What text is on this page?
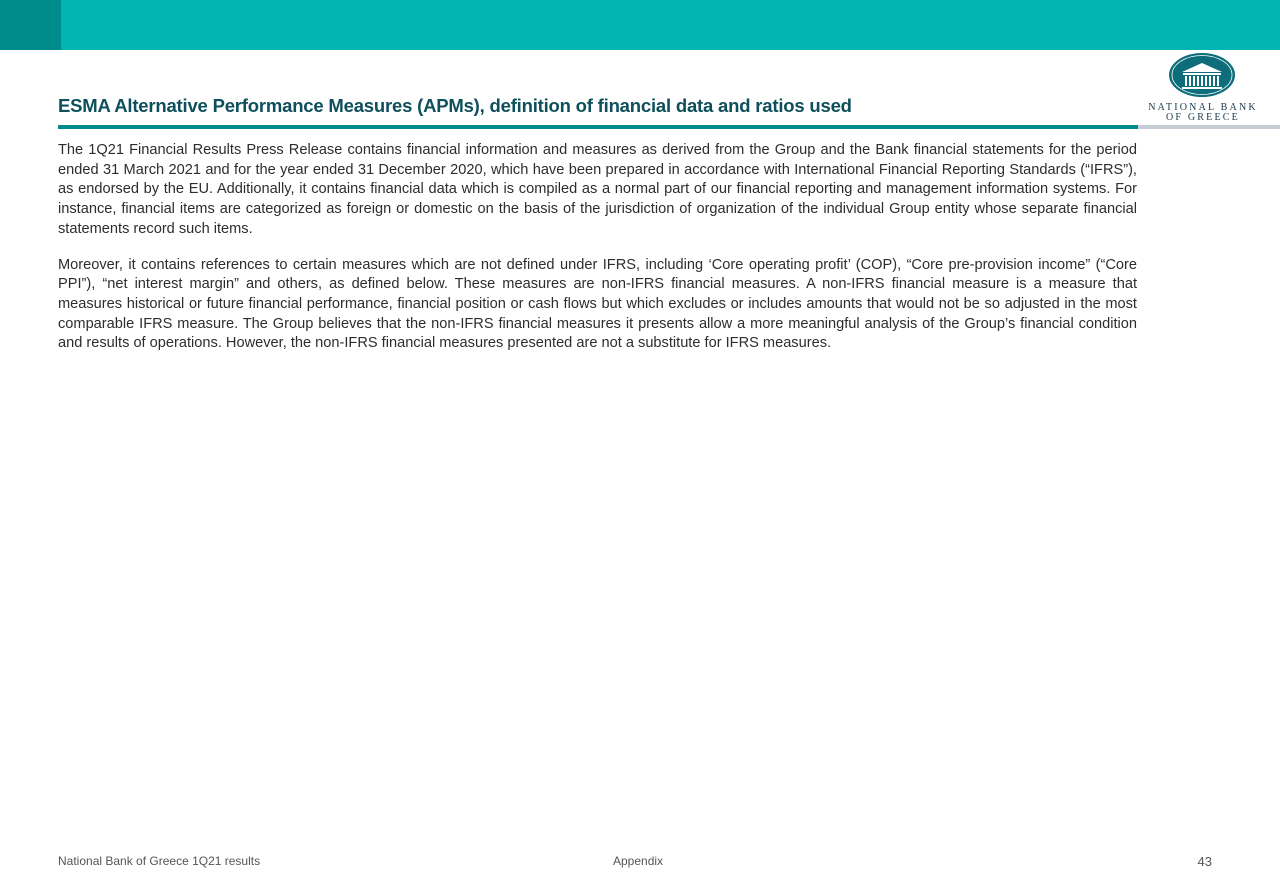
NATIONAL BANK
OF GREECE
ESMA Alternative Performance Measures (APMs), definition of financial data and ratios used

The 1Q21 Financial Results Press Release contains financial information and measures as derived from the Group and the Bank financial statements for the period ended 31 March 2021 and for the year ended 31 December 2020, which have been prepared in accordance with International Financial Reporting Standards (“IFRS”), as endorsed by the EU. Additionally, it contains financial data which is compiled as a normal part of our financial reporting and management information systems. For instance, financial items are categorized as foreign or domestic on the basis of the jurisdiction of organization of the individual Group entity whose separate financial statements record such items.

Moreover, it contains references to certain measures which are not defined under IFRS, including ‘Core operating profit’ (COP), “Core pre-provision income” (“Core PPI”), “net interest margin” and others, as defined below. These measures are non-IFRS financial measures. A non-IFRS financial measure is a measure that measures historical or future financial performance, financial position or cash flows but which excludes or includes amounts that would not be so adjusted in the most comparable IFRS measure. The Group believes that the non-IFRS financial measures it presents allow a more meaningful analysis of the Group’s financial condition and results of operations. However, the non-IFRS financial measures presented are not a substitute for IFRS measures.

National Bank of Greece 1Q21 results	Appendix	43
